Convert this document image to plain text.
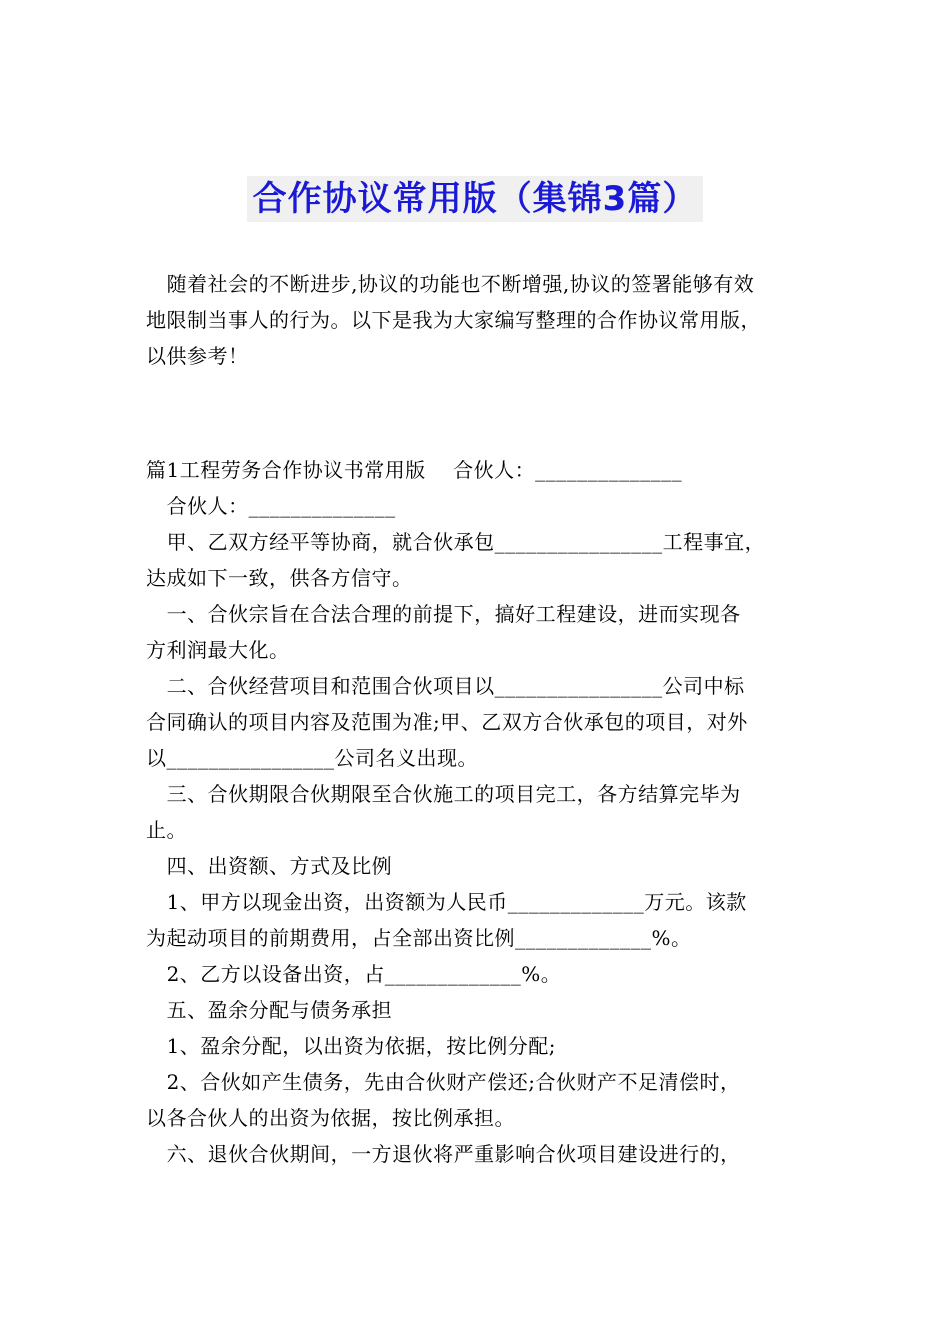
合作协议常用版（集锦3篇）

随着社会的不断进步,协议的功能也不断增强,协议的签署能够有效

地限制当事人的行为。以下是我为大家编写整理的合作协议常用版，

以供参考！

篇1工程劳务合作协议书常用版    合伙人：______________

合伙人：______________

甲、乙双方经平等协商，就合伙承包________________工程事宜，

达成如下一致，供各方信守。

一、合伙宗旨在合法合理的前提下，搞好工程建设，进而实现各

方利润最大化。

二、合伙经营项目和范围合伙项目以________________公司中标

合同确认的项目内容及范围为准;甲、乙双方合伙承包的项目，对外

以________________公司名义出现。

三、合伙期限合伙期限至合伙施工的项目完工，各方结算完毕为

止。

四、出资额、方式及比例

1、甲方以现金出资，出资额为人民币_____________万元。该款

为起动项目的前期费用，占全部出资比例_____________%。

2、乙方以设备出资，占_____________%。

五、盈余分配与债务承担

1、盈余分配，以出资为依据，按比例分配;

2、合伙如产生债务，先由合伙财产偿还;合伙财产不足清偿时，

以各合伙人的出资为依据，按比例承担。

六、退伙合伙期间，一方退伙将严重影响合伙项目建设进行的，
